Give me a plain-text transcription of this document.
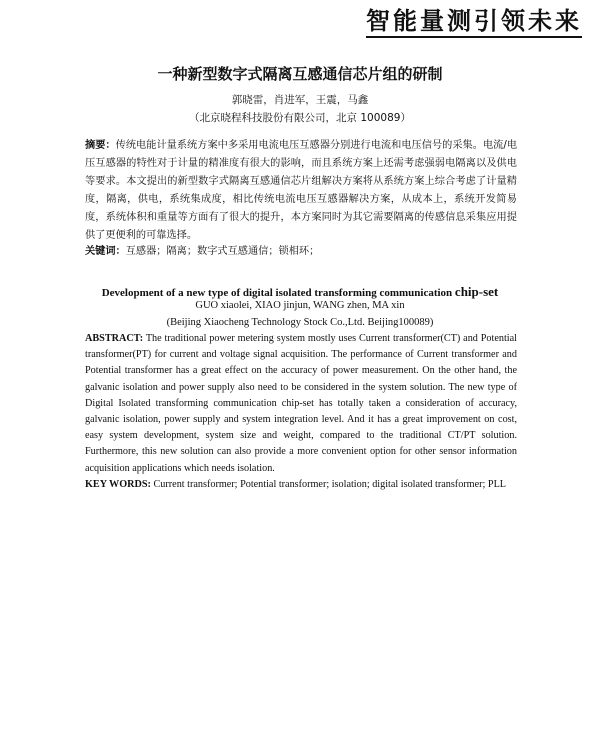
智能量测引领未来
一种新型数字式隔离互感通信芯片组的研制
郭晓雷，肖进军，王震，马鑫
（北京晓程科技股份有限公司，北京 100089）
摘要：传统电能计量系统方案中多采用电流电压互感器分别进行电流和电压信号的采集。电流/电压互感器的特性对于计量的精准度有很大的影响，而且系统方案上还需考虑强弱电隔离以及供电等要求。本文提出的新型数字式隔离互感通信芯片组解决方案将从系统方案上综合考虑了计量精度，隔离，供电，系统集成度，相比传统电流电压互感器解决方案，从成本上，系统开发简易度，系统体积和重量等方面有了很大的提升，本方案同时为其它需要隔离的传感信息采集应用提供了更便利的可靠选择。
关键词：互感器；隔离；数字式互感通信；锁相环；
Development of a new type of digital isolated transforming communication chip-set
GUO xiaolei, XIAO jinjun, WANG zhen, MA xin
(Beijing Xiaocheng Technology Stock Co.,Ltd. Beijing100089)
ABSTRACT: The traditional power metering system mostly uses Current transformer(CT) and Potential transformer(PT) for current and voltage signal acquisition. The performance of Current transformer and Potential transformer has a great effect on the accuracy of power measurement. On the other hand, the galvanic isolation and power supply also need to be considered in the system solution. The new type of Digital Isolated transforming communication chip-set has totally taken a consideration of accuracy, galvanic isolation, power supply and system integration level. And it has a great improvement on cost, easy system development, system size and weight, compared to the traditional CT/PT solution. Furthermore, this new solution can also provide a more convenient option for other sensor information acquisition applications which needs isolation.
KEY WORDS: Current transformer; Potential transformer; isolation; digital isolated transformer; PLL
